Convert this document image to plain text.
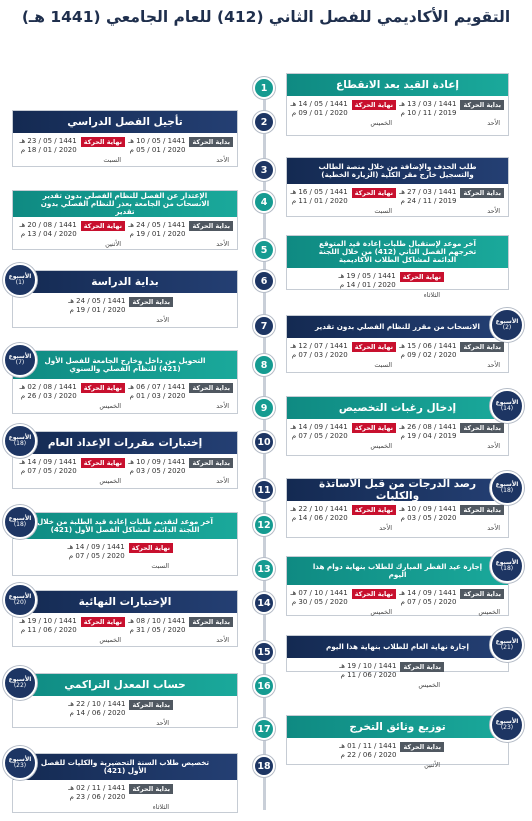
التقويم الأكاديمي للفصل الثاني (412) للعام الجامعي (1441 هـ)
إعادة القيد بعد الانقطاع
بداية الحركة
1441 / 03 / 13 هـ
2019 / 11 / 10 م
الأحد
نهاية الحركة
1441 / 05 / 14 هـ
2020 / 01 / 09 م
الخميس
1
تأجيل الفصل الدراسي
بداية الحركة
1441 / 05 / 10 هـ
2020 / 01 / 05 م
الأحد
نهاية الحركة
1441 / 05 / 23 هـ
2020 / 01 / 18 م
السبت
2
طلب الحذف والإضافة من خلال منصة الطالب والتسجيل خارج مقر الكلية (الزيارة الخطية)
بداية الحركة
1441 / 03 / 27 هـ
2019 / 11 / 24 م
الأحد
نهاية الحركة
1441 / 05 / 16 هـ
2020 / 01 / 11 م
السبت
3
الإعتذار عن الفصل للنظام الفصلي بدون تقدير الانسحاب من الجامعة بعذر للنظام الفصلي بدون تقدير
بداية الحركة
1441 / 05 / 24 هـ
2020 / 01 / 19 م
الأحد
نهاية الحركة
1441 / 08 / 20 هـ
2020 / 04 / 13 م
الأثنين
4
آخر موعد لإستقبال طلبات إعادة قيد المتوقع تخرجهم الفصل الثاني (412) من خلال اللجنة الدائمة لمشاكل الطلاب الأكاديمية
نهاية الحركة
1441 / 05 / 19 هـ
2020 / 01 / 14 م
الثلاثاء
5
بداية الدراسة
الأسبوع
(1)
بداية الحركة
1441 / 05 / 24 هـ
2020 / 01 / 19 م
الأحد
6
الانسحاب من مقرر للنظام الفصلي بدون تقدير
الأسبوع
(2)
بداية الحركة
1441 / 06 / 15 هـ
2020 / 02 / 09 م
الأحد
نهاية الحركة
1441 / 07 / 12 هـ
2020 / 03 / 07 م
السبت
7
التحويل من داخل وخارج الجامعة للفصل الأول (421) للنظام الفصلي والسنوي
الأسبوع
(7)
بداية الحركة
1441 / 07 / 06 هـ
2020 / 03 / 01 م
الأحد
نهاية الحركة
1441 / 08 / 02 هـ
2020 / 03 / 26 م
الخميس
8
إدخال رغبات التخصيص	الأسبوع
(14)
بداية الحركة
1441 / 08 / 26 هـ
2019 / 04 / 19 م
الأحد
نهاية الحركة
1441 / 09 / 14 هـ
2020 / 05 / 07 م
الخميس
9
إختبارات مقررات الإعداد العام
الأسبوع
(18)
بداية الحركة
1441 / 09 / 10 هـ
2020 / 05 / 03 م
الأحد
نهاية الحركة
1441 / 09 / 14 هـ
2020 / 05 / 07 م
الخميس
10
رصد الدرجات من قبل الأساتذة والكليات
الأسبوع
(18)
بداية الحركة
1441 / 09 / 10 هـ
2020 / 05 / 03 م
الأحد
نهاية الحركة
1441 / 10 / 22 هـ
2020 / 06 / 14 م
الأحد
11
آخر موعد لتقديم طلبات إعادة قيد الطلبة من خلال اللجنة الدائمة لمشاكل الفصل الأول (421)
الأسبوع
(18)
نهاية الحركة
1441 / 09 / 14 هـ
2020 / 05 / 07 م
السبت
12
إجازة عيد الفطر المبارك للطلاب بنهاية دوام هذا اليوم
الأسبوع
(18)
بداية الحركة
1441 / 09 / 14 هـ
2020 / 05 / 07 م
الخميس
نهاية الحركة
1441 / 10 / 07 هـ
2020 / 05 / 30 م
الخميس
13
الإختبارات النهائية
الأسبوع
(20)
بداية الحركة
1441 / 10 / 08 هـ
2020 / 05 / 31 م
الأحد
نهاية الحركة
1441 / 10 / 19 هـ
2020 / 06 / 11 م
الخميس
14
إجازة نهاية العام للطلاب بنهاية هذا اليوم
الأسبوع
(21)
بداية الحركة
1441 / 10 / 19 هـ
2020 / 06 / 11 م
الخميس
15
حساب المعدل التراكمي
الأسبوع
(22)
بداية الحركة
1441 / 10 / 22 هـ
2020 / 06 / 14 م
الأحد
16
توزيع وثائق التخرج	الأسبوع
(23)
بداية الحركة
1441 / 11 / 01 هـ
2020 / 06 / 22 م
الأثنين
17
تخصيص طلاب السنة التحضيرية والكليات للفصل الأول (421)
الأسبوع
(23)
بداية الحركة
1441 / 11 / 02 هـ
2020 / 06 / 23 م
الثلاثاء
18
